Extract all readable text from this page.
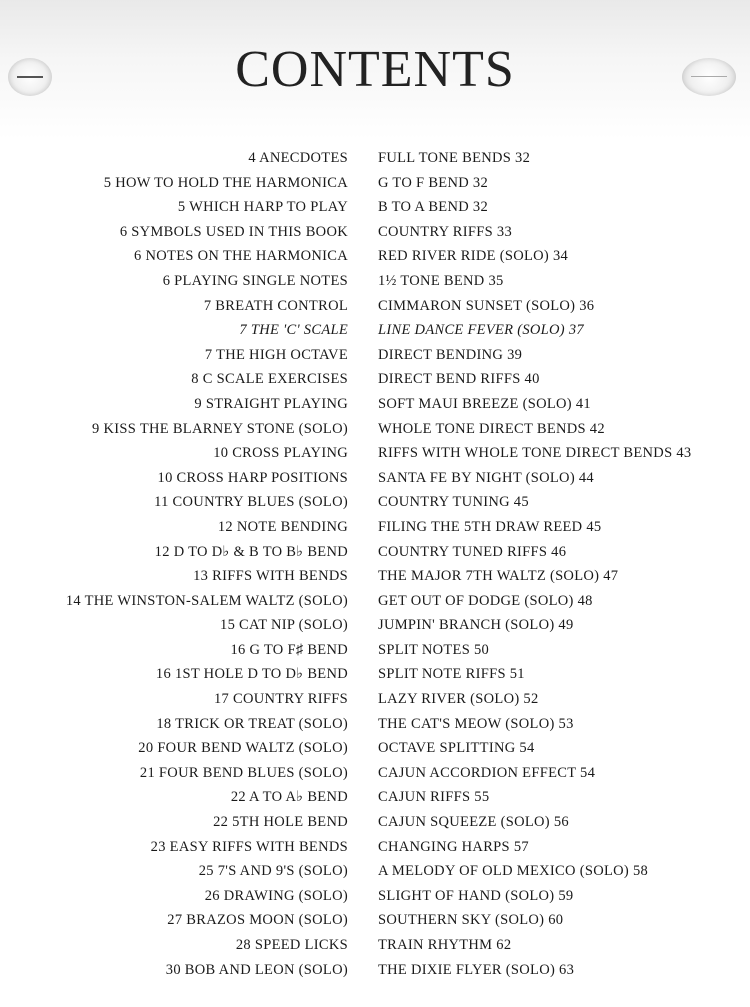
CONTENTS
4 ANECDOTES FULL TONE BENDS 32
5 HOW TO HOLD THE HARMONICA G TO F BEND 32
5 WHICH HARP TO PLAY B TO A BEND 32
6 SYMBOLS USED IN THIS BOOK COUNTRY RIFFS 33
6 NOTES ON THE HARMONICA RED RIVER RIDE (SOLO) 34
6 PLAYING SINGLE NOTES 1½ TONE BEND 35
7 BREATH CONTROL CIMMARON SUNSET (SOLO) 36
7 THE 'C' SCALE LINE DANCE FEVER (SOLO) 37
7 THE HIGH OCTAVE DIRECT BENDING 39
8 C SCALE EXERCISES DIRECT BEND RIFFS 40
9 STRAIGHT PLAYING SOFT MAUI BREEZE (SOLO) 41
9 KISS THE BLARNEY STONE (SOLO) WHOLE TONE DIRECT BENDS 42
10 CROSS PLAYING RIFFS WITH WHOLE TONE DIRECT BENDS 43
10 CROSS HARP POSITIONS SANTA FE BY NIGHT (SOLO) 44
11 COUNTRY BLUES (SOLO) COUNTRY TUNING 45
12 NOTE BENDING FILING THE 5TH DRAW REED 45
12 D TO D♭ & B TO B♭ BEND COUNTRY TUNED RIFFS 46
13 RIFFS WITH BENDS THE MAJOR 7TH WALTZ (SOLO) 47
14 THE WINSTON-SALEM WALTZ (SOLO) GET OUT OF DODGE (SOLO) 48
15 CAT NIP (SOLO) JUMPIN' BRANCH (SOLO) 49
16 G TO F♯ BEND SPLIT NOTES 50
16 1ST HOLE D TO D♭ BEND SPLIT NOTE RIFFS 51
17 COUNTRY RIFFS LAZY RIVER (SOLO) 52
18 TRICK OR TREAT (SOLO) THE CAT'S MEOW (SOLO) 53
20 FOUR BEND WALTZ (SOLO) OCTAVE SPLITTING 54
21 FOUR BEND BLUES (SOLO) CAJUN ACCORDION EFFECT 54
22 A TO A♭ BEND CAJUN RIFFS 55
22 5TH HOLE BEND CAJUN SQUEEZE (SOLO) 56
23 EASY RIFFS WITH BENDS CHANGING HARPS 57
25 7'S AND 9'S (SOLO) A MELODY OF OLD MEXICO (SOLO) 58
26 DRAWING (SOLO) SLIGHT OF HAND (SOLO) 59
27 BRAZOS MOON (SOLO) SOUTHERN SKY (SOLO) 60
28 SPEED LICKS TRAIN RHYTHM 62
30 BOB AND LEON (SOLO) THE DIXIE FLYER (SOLO) 63
